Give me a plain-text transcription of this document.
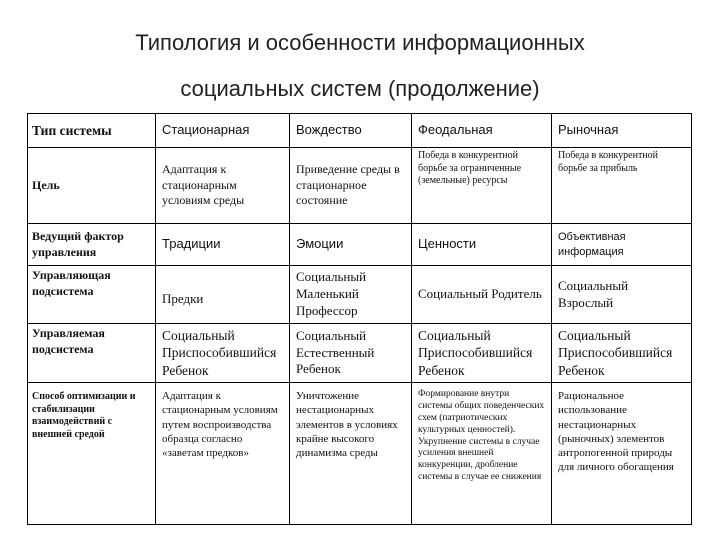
Типология и особенности информационных
социальных систем (продолжение)
Тип системы	Стационарная	Вождество	Феодальная	Рыночная
Цель	Адаптация к стационарным условиям среды	Приведение среды в стационарное состояние	Победа в конкурентной борьбе за ограниченные (земельные) ресурсы	Победа в конкурентной борьбе за прибыль
Ведущий фактор управления	Традиции	Эмоции	Ценности	Объективная информация
Управляющая подсистема	Предки	Социальный Маленький Профессор	Социальный Родитель	Социальный Взрослый
Управляемая подсистема	Социальный Приспособившийся Ребенок	Социальный Естественный Ребенок	Социальный Приспособившийся Ребенок	Социальный Приспособившийся Ребенок
Способ оптимизации и стабилизации взаимодействий с внешней средой	Адаптация к стационарным условиям путем воспроизводства образца согласно «заветам предков»	Уничтожение нестационарных элементов в условиях крайне высокого динамизма среды	Формирование внутри системы общих поведенческих схем (патриотических культурных ценностей). Укрупнение системы в случае усиления внешней конкуренции, дробление системы в случае ее снижения	Рациональное использование нестационарных (рыночных) элементов антропогенной природы для личного обогащения
